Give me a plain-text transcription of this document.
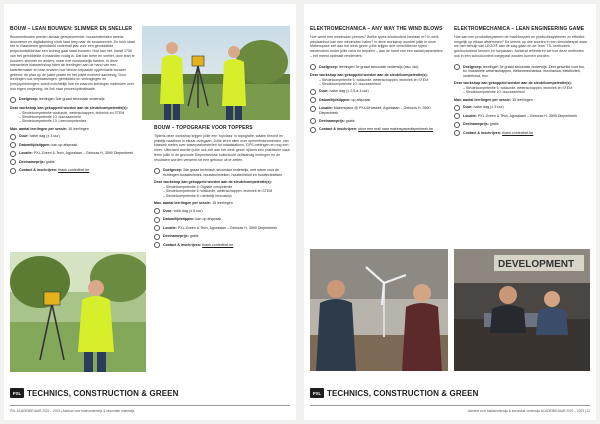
BOUW – LEAN BOUWEN: SLIMMER EN SNELLER
Bouwmethodes worden almaar geavanceerder: bouwmaterialen steeds duurzamer en digitalisering vindt haar weg naar de bouwwerven. En toch staat het in Vlaanderen gemiddeld onderhalf jaar voor een gemiddelde projectontwikkelaar een woning gaat staat bouwen. Hoe kan het. Vanaf 1750 van het gemiddelde 6 maanden nodig is. Dat kan beter en sneller, door lean te bouwen: slimmer en anders, maar met noodzakelijk flarden. In deze interactieve klaswerkshop laten de leerlingen aan de hand van een kwartiermaker en lean ervaren hoe binnen bepaalde oppervlakte bouwen gebeurt: de plan op de juiste plaats en het juiste moment aanwezig. Door leerlingen ook verplaatsingen, gemiddeld en vertragingen en (mis)opmerkingen, wordt inzichtelijk hoe en waarom leerlingen nadenken over hun eigen omgeving, de link naar procesoptimalisatie.
Doelgroep: leerlingen 3de graad secundair onderwijs
Deze workshop kan gekoppeld worden aan de sleutelcompetentie(s):
– Sleutelcompetentie wiskunde, wetenschappen, techniek en STEM
– Sleutelcompetentie 10: duurzaamheid
– Sleutelcompetentie 13: Leercompetenties
Max. aantal leerlingen per sessie: 16 leerlingen
Duur: halve dag (± 3 uur)
Datum/tijdstippen: kan op afspraak
Locatie: PXL-Green & Tech, Agoralaan – Gebouw H, 3590 Diepenbeek
Deelnameprijs: gratis
Contact & inschrijven: thank.contectbel.be
BOUW – TOPOGRAFIE VOOR TOPPERS
Tijdens deze workshop krijgen jullie een 'topclass' in topografie, waarin theorie en praktijk naadloos in elkaar overgaan. Jullie leren alles over opmeetinstrumenten, van klassiek meten over waterpastoestellen tot totaalstations, GPS-metingen en nog een meer. Uiteraard worden jullie ook zelf aan het werk gezet: tijdens een praktische case leren jullie in de gezonde Diepenbeekse buitenlucht zelfstandig metingen en de resultaten worden verwerkt tot een gebouw uit te zetten.
Doelgroep: 3de graad technisch secundair onderwijs, met name voor de richtingen bouwtechniek, bouwtechnieken, houttechniek en houttechnieken
Deze workshop kan gekoppeld worden aan de sleutelcompetentie(s):
– Sleutelcompetentie 4: Digitale competentie
– Sleutelcompetentie 6: wiskunde, wetenschappen, techniek en STEM
– Sleutelcompetentie 8: ruimtelijk bewustzijn
Max. aantal leerlingen per sessie: 15 leerlingen
Duur: volle dag (± 6 uur)
Datum/tijdstippen: kan op afspraak
Locatie: PXL-Green & Tech, Agoralaan – Gebouw H, 3590 Diepenbeek
Deelnameprijs: gratis
Contact & inschrijven: thank.contectbel.be
PXL TECHNICS, CONSTRUCTION & GREEN
PXL ACADEMIEJAAR 2022 – 2023 | Aanbod voor basisonderwijs & secundair onderwijs
ELEKTROMECHANICA – ANY WAY THE WIND BLOWS
Hoe werkt een windmolen precies? Welke types windmolens bestaan er? In welk windaanbod kan een windmolen halen? In deze workshop worden jullie in onze Makerspace zelf aan het werk gezet: jullie krijgen drie verschillende types windmolens onder jullie neus en bepalen – aan de hand van een aantal parameters – het meest optimale rendement.
Doelgroep: leerlingen 3e graad secundair onderwijs (aso, tso)
Deze workshop kan gekoppeld worden aan de sleutelcompetentie(s):
– Sleutelcompetentie 6: wiskunde, wetenschappen, techniek en STEM
– Sleutelcompetentie 10: duurzaamheid
Duur: halve dag (± 2,5 à 3 uur)
Datum/tijdstippen: op afspraak
Locatie: Makerspace @ PXL/UHasselt, Agoralaan – Gebouw H, 3590 Diepenbeek
Deelnameprijs: gratis
Contact & inschrijven: stuur een mail naar makerspacediepenbeek.be
ELEKTROMECHANICA – LEAN ENGINEERING GAME
Hoe kan een productiesysteem de machinepark en productiesystemen zo efficiënt mogelijk op elkaar afstemmen? De kennis op drie soorten in een simulatiespel waar we met behulp van LEGO® aan de slag gaan en de 'lean' TS- methodiek gestructureerd kennen en toepassen. Achteraf reflecteren we hoe deze methodes ook in een schoolcontext toegepast zouden kunnen worden.
Doelgroep: leerlingen 3e graad secundair onderwijs. Zeer geschikt voor tso, bv. industriële wetenschappen, elektromechanica, mechanica, elektriciteit, onderhoud, enz.
Deze workshop kan gekoppeld worden aan de sleutelcompetentie(s):
– Sleutelcompetentie 6: wiskunde, wetenschappen, techniek en STEM
– Sleutelcompetentie 10: duurzaamheid
Max. aantal leerlingen per sessie: 15 leerlingen
Duur: halve dag (± 3 uur)
Locatie: PXL-Green & Tech, Agoralaan – Gebouw H, 3590 Diepenbeek
Deelnameprijs: gratis
Contact & inschrijven: thank.contectbel.be
DEVELOPMENT
PXL TECHNICS, CONSTRUCTION & GREEN
Aanbod voor basisonderwijs & secundair onderwijs ACADEMIEJAAR 2022 – 2023 | 11
